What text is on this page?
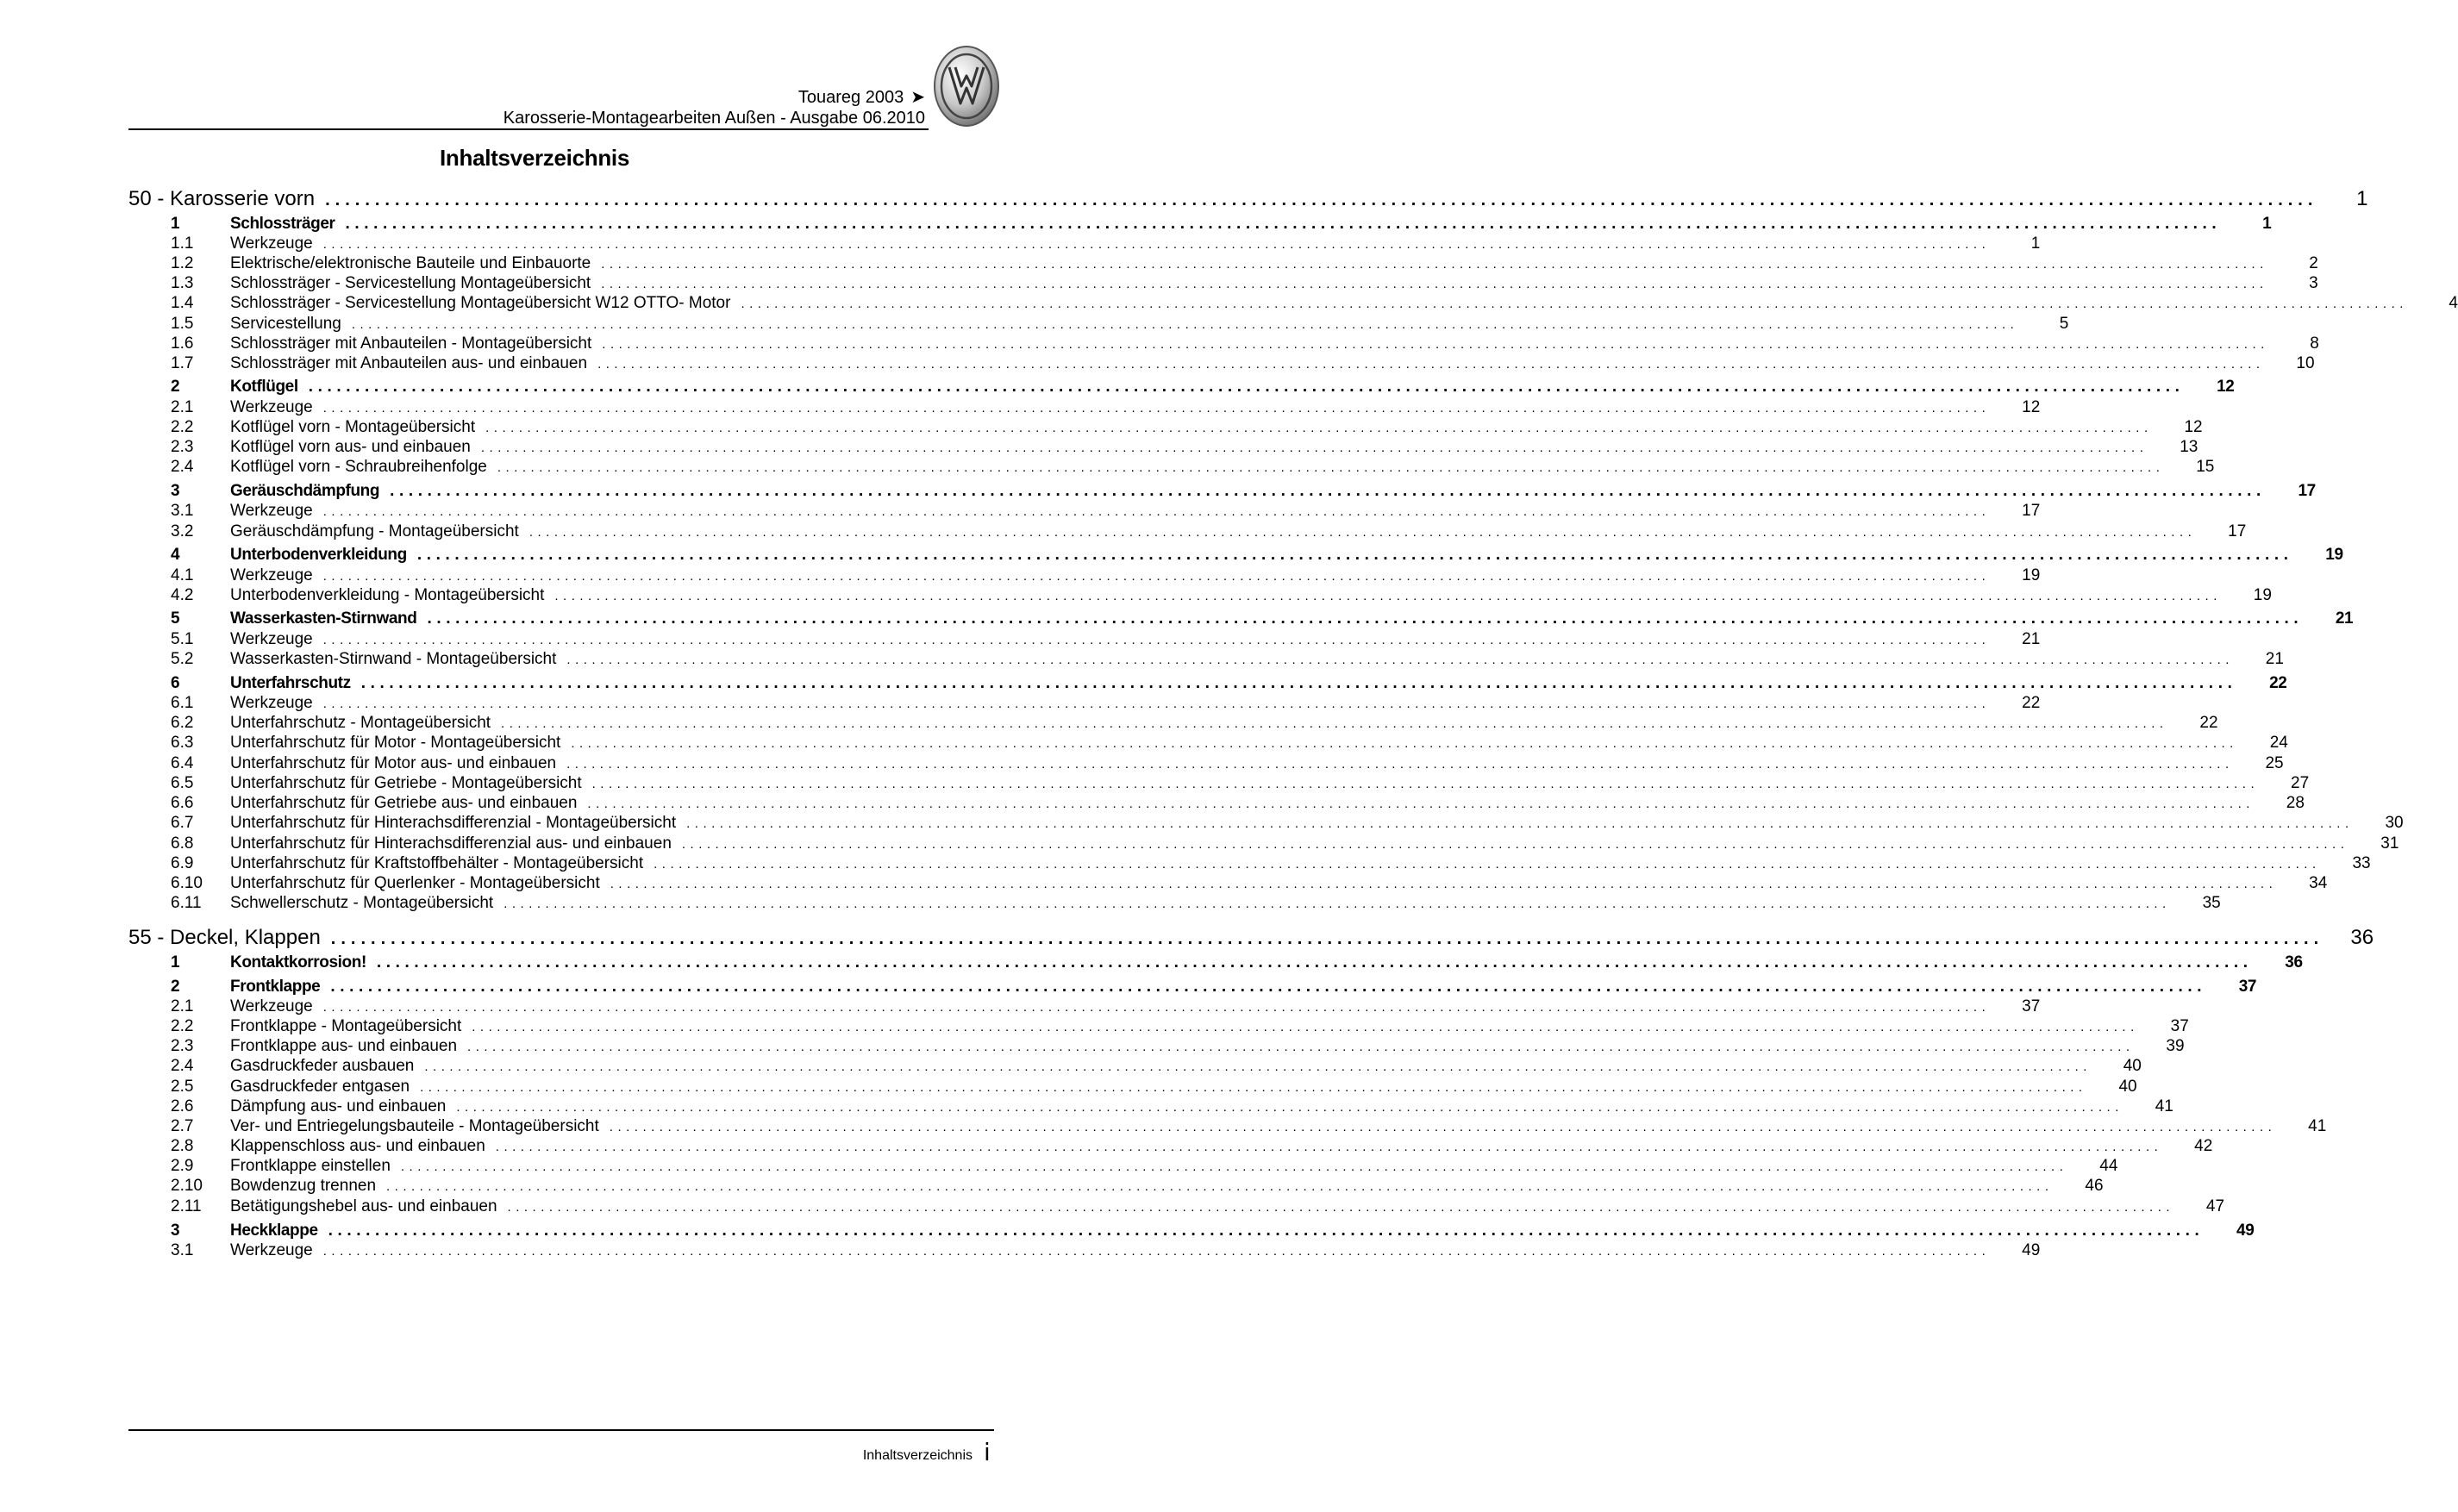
Touareg 2003 ➤
Karosserie-Montagearbeiten Außen - Ausgabe 06.2010
Inhaltsverzeichnis
50 - Karosserie vorn ........................................................................................................................................................................................................	1
1	Schlossträger ........................................................................................................................................................................................................	1
1.1 Werkzeuge ........................................................................................................................................................................................................	1
1.2 Elektrische/elektronische Bauteile und Einbauorte ........................................................................................................................................................................................................	2
1.3 Schlossträger - Servicestellung Montageübersicht ........................................................................................................................................................................................................	3
1.4 Schlossträger - Servicestellung Montageübersicht W12 OTTO- Motor ........................................................................................................................................................................................................	4
1.5 Servicestellung ........................................................................................................................................................................................................	5
1.6 Schlossträger mit Anbauteilen - Montageübersicht ........................................................................................................................................................................................................	8
1.7 Schlossträger mit Anbauteilen aus- und einbauen ........................................................................................................................................................................................................	10
2	Kotflügel ........................................................................................................................................................................................................	12
2.1 Werkzeuge ........................................................................................................................................................................................................	12
2.2 Kotflügel vorn - Montageübersicht ........................................................................................................................................................................................................	12
2.3 Kotflügel vorn aus- und einbauen ........................................................................................................................................................................................................	13
2.4 Kotflügel vorn - Schraubreihenfolge ........................................................................................................................................................................................................	15
3	Geräuschdämpfung ........................................................................................................................................................................................................	17
3.1 Werkzeuge ........................................................................................................................................................................................................	17
3.2 Geräuschdämpfung - Montageübersicht ........................................................................................................................................................................................................	17
4	Unterbodenverkleidung ........................................................................................................................................................................................................	19
4.1 Werkzeuge ........................................................................................................................................................................................................	19
4.2 Unterbodenverkleidung - Montageübersicht ........................................................................................................................................................................................................	19
5	Wasserkasten-Stirnwand ........................................................................................................................................................................................................	21
5.1 Werkzeuge ........................................................................................................................................................................................................	21
5.2 Wasserkasten-Stirnwand - Montageübersicht ........................................................................................................................................................................................................	21
6	Unterfahrschutz ........................................................................................................................................................................................................	22
6.1 Werkzeuge ........................................................................................................................................................................................................	22
6.2 Unterfahrschutz - Montageübersicht ........................................................................................................................................................................................................	22
6.3 Unterfahrschutz für Motor - Montageübersicht ........................................................................................................................................................................................................	24
6.4 Unterfahrschutz für Motor aus- und einbauen ........................................................................................................................................................................................................	25
6.5 Unterfahrschutz für Getriebe - Montageübersicht ........................................................................................................................................................................................................	27
6.6 Unterfahrschutz für Getriebe aus- und einbauen ........................................................................................................................................................................................................	28
6.7 Unterfahrschutz für Hinterachsdifferenzial - Montageübersicht ........................................................................................................................................................................................................	30
6.8 Unterfahrschutz für Hinterachsdifferenzial aus- und einbauen ........................................................................................................................................................................................................	31
6.9 Unterfahrschutz für Kraftstoffbehälter - Montageübersicht ........................................................................................................................................................................................................	33
6.10 Unterfahrschutz für Querlenker - Montageübersicht ........................................................................................................................................................................................................	34
6.11 Schwellerschutz - Montageübersicht ........................................................................................................................................................................................................	35
55 - Deckel, Klappen ........................................................................................................................................................................................................	36
1	Kontaktkorrosion! ........................................................................................................................................................................................................	36
2	Frontklappe ........................................................................................................................................................................................................	37
2.1 Werkzeuge ........................................................................................................................................................................................................	37
2.2 Frontklappe - Montageübersicht ........................................................................................................................................................................................................	37
2.3 Frontklappe aus- und einbauen ........................................................................................................................................................................................................	39
2.4 Gasdruckfeder ausbauen ........................................................................................................................................................................................................	40
2.5 Gasdruckfeder entgasen ........................................................................................................................................................................................................	40
2.6 Dämpfung aus- und einbauen ........................................................................................................................................................................................................	41
2.7 Ver- und Entriegelungsbauteile - Montageübersicht ........................................................................................................................................................................................................	41
2.8 Klappenschloss aus- und einbauen ........................................................................................................................................................................................................	42
2.9 Frontklappe einstellen ........................................................................................................................................................................................................	44
2.10 Bowdenzug trennen ........................................................................................................................................................................................................	46
2.11 Betätigungshebel aus- und einbauen ........................................................................................................................................................................................................	47
3	Heckklappe ........................................................................................................................................................................................................	49
3.1 Werkzeuge ........................................................................................................................................................................................................	49
Inhaltsverzeichnis i
